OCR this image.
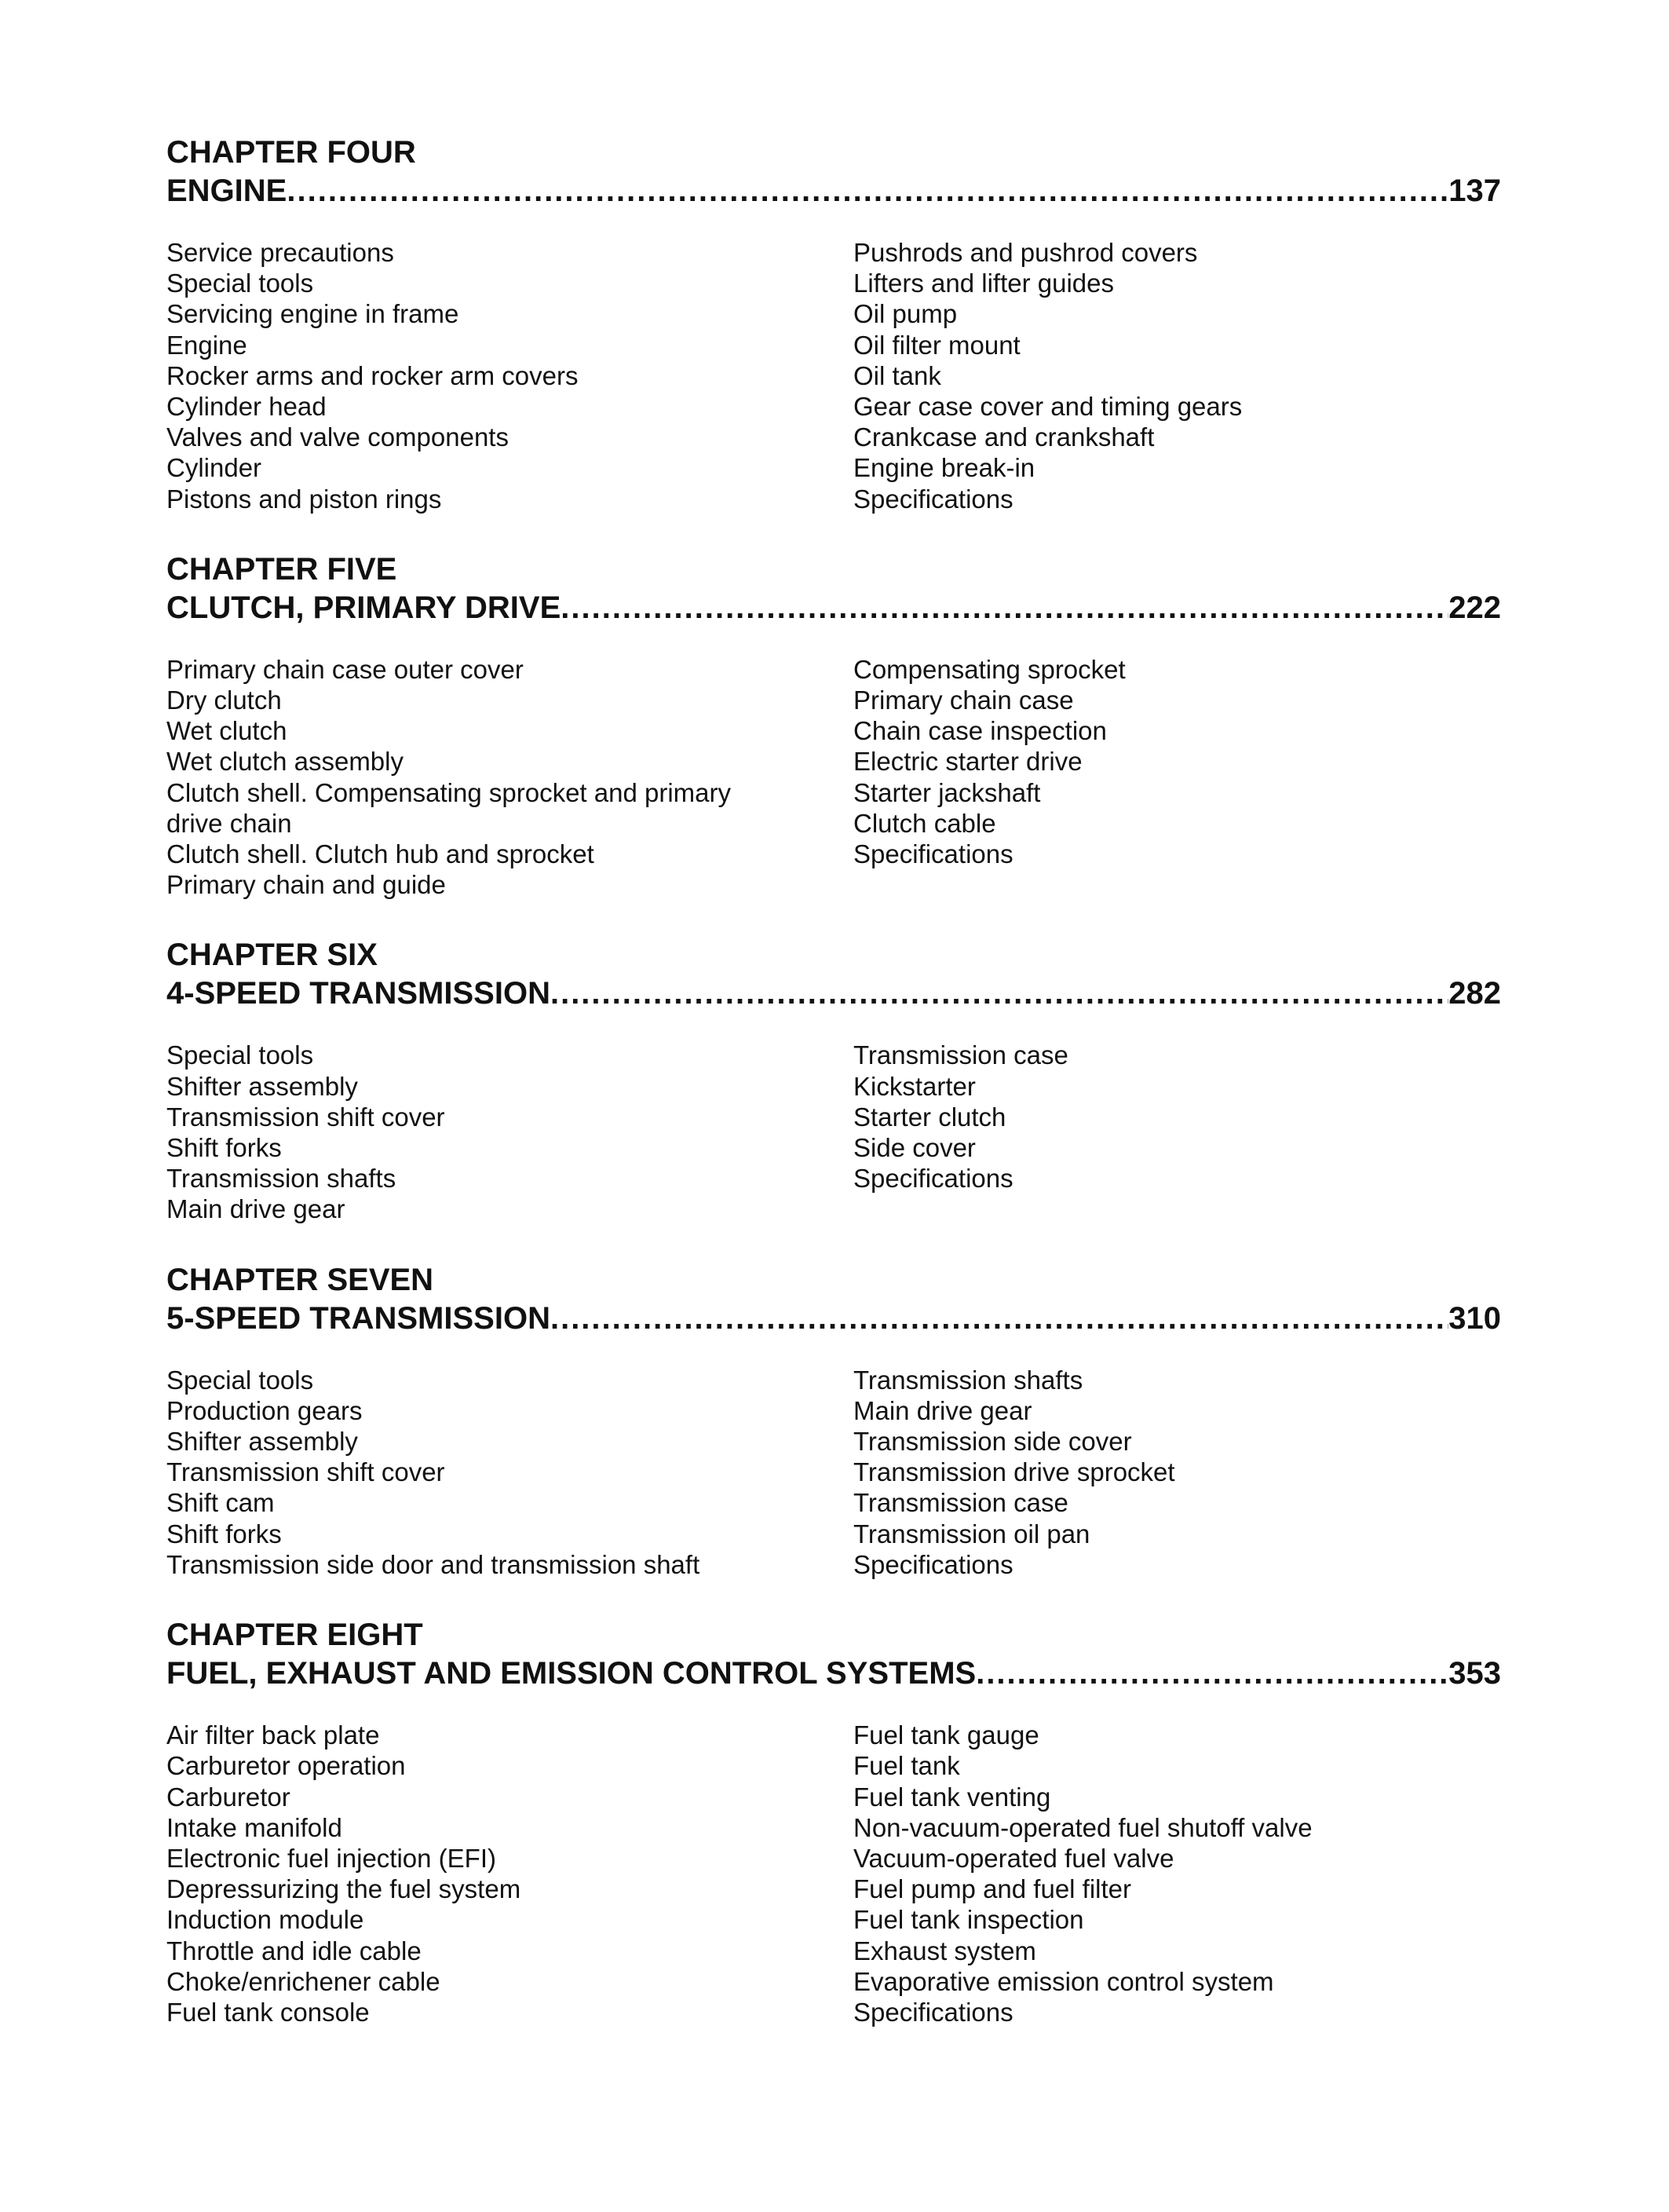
CHAPTER FOUR
ENGINE .....	137
Service precautions
Special tools
Servicing engine in frame
Engine
Rocker arms and rocker arm covers
Cylinder head
Valves and valve components
Cylinder
Pistons and piston rings
Pushrods and pushrod covers
Lifters and lifter guides
Oil pump
Oil filter mount
Oil tank
Gear case cover and timing gears
Crankcase and crankshaft
Engine break-in
Specifications
CHAPTER FIVE
CLUTCH, PRIMARY DRIVE .....	222
Primary chain case outer cover
Dry clutch
Wet clutch
Wet clutch assembly
Clutch shell. Compensating sprocket and primary
drive chain
Clutch shell. Clutch hub and sprocket
Primary chain and guide
Compensating sprocket
Primary chain case
Chain case inspection
Electric starter drive
Starter jackshaft
Clutch cable
Specifications
CHAPTER SIX
4-SPEED TRANSMISSION .....	282
Special tools
Shifter assembly
Transmission shift cover
Shift forks
Transmission shafts
Main drive gear
Transmission case
Kickstarter
Starter clutch
Side cover
Specifications
CHAPTER SEVEN
5-SPEED TRANSMISSION .....	310
Special tools
Production gears
Shifter assembly
Transmission shift cover
Shift cam
Shift forks
Transmission side door and transmission shaft
Transmission shafts
Main drive gear
Transmission side cover
Transmission drive sprocket
Transmission case
Transmission oil pan
Specifications
CHAPTER EIGHT
FUEL, EXHAUST AND EMISSION CONTROL SYSTEMS .....	353
Air filter back plate
Carburetor operation
Carburetor
Intake manifold
Electronic fuel injection (EFI)
Depressurizing the fuel system
Induction module
Throttle and idle cable
Choke/enrichener cable
Fuel tank console
Fuel tank gauge
Fuel tank
Fuel tank venting
Non-vacuum-operated fuel shutoff valve
Vacuum-operated fuel valve
Fuel pump and fuel filter
Fuel tank inspection
Exhaust system
Evaporative emission control system
Specifications
